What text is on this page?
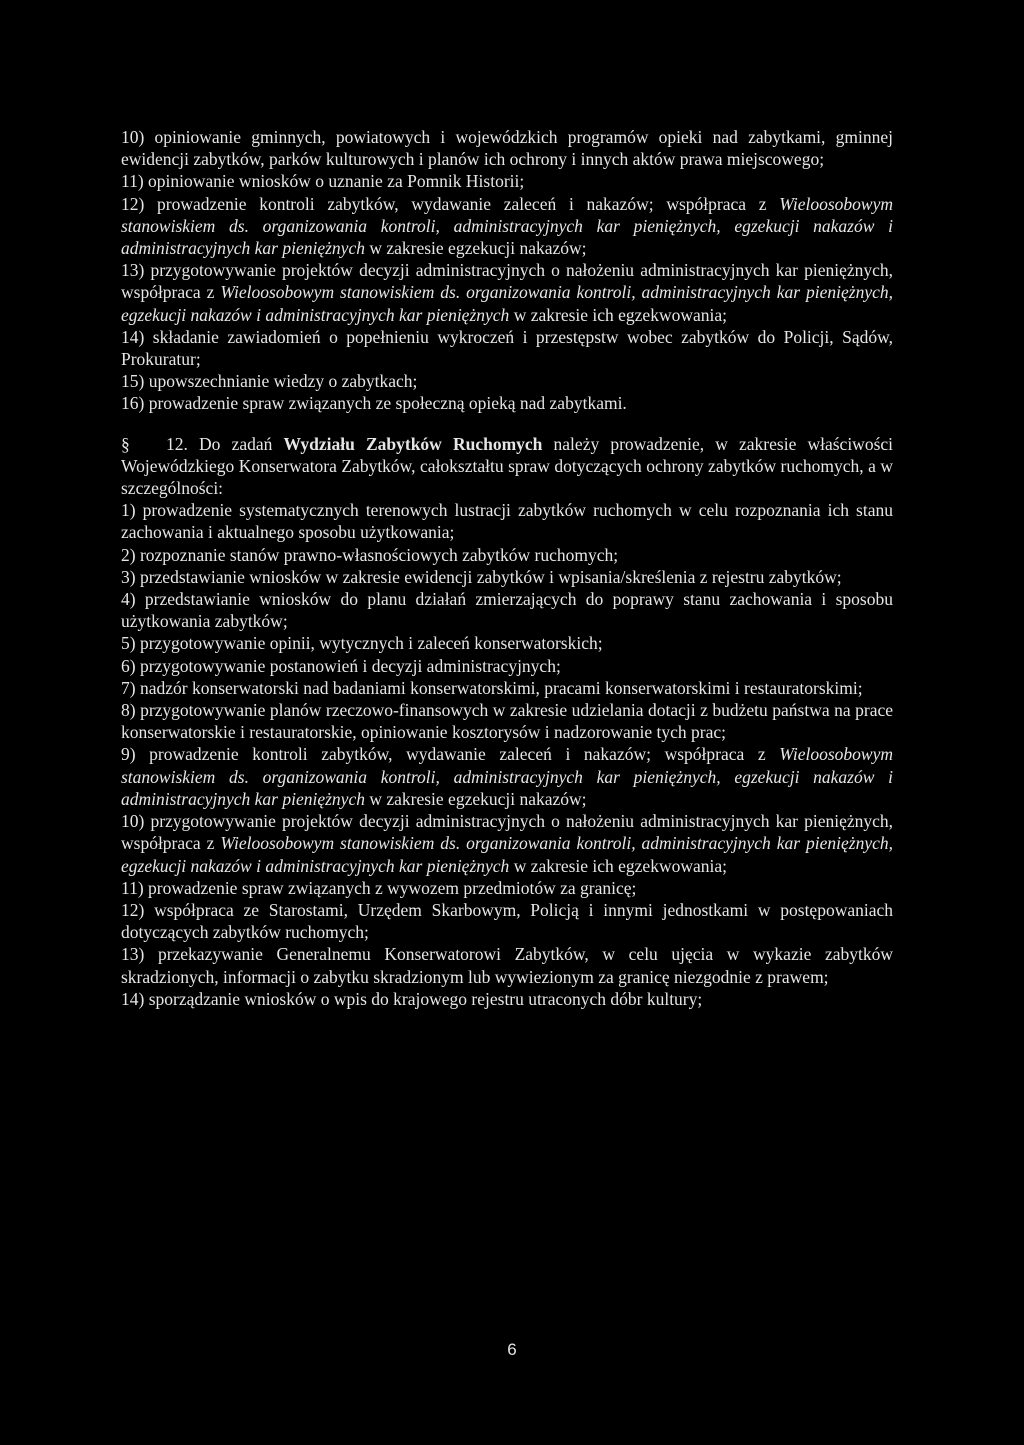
10) opiniowanie gminnych, powiatowych i wojewódzkich programów opieki nad zabytkami, gminnej ewidencji zabytków, parków kulturowych i planów ich ochrony i innych aktów prawa miejscowego;

11) opiniowanie wniosków o uznanie za Pomnik Historii;

12) prowadzenie kontroli zabytków, wydawanie zaleceń i nakazów; współpraca z Wieloosobowym stanowiskiem ds. organizowania kontroli, administracyjnych kar pieniężnych, egzekucji nakazów i administracyjnych kar pieniężnych w zakresie egzekucji nakazów;

13) przygotowywanie projektów decyzji administracyjnych o nałożeniu administracyjnych kar pieniężnych, współpraca z Wieloosobowym stanowiskiem ds. organizowania kontroli, administracyjnych kar pieniężnych, egzekucji nakazów i administracyjnych kar pieniężnych w zakresie ich egzekwowania;

14) składanie zawiadomień o popełnieniu wykroczeń i przestępstw wobec zabytków do Policji, Sądów, Prokuratur;

15) upowszechnianie wiedzy o zabytkach;

16) prowadzenie spraw związanych ze społeczną opieką nad zabytkami.

§ 12. Do zadań Wydziału Zabytków Ruchomych należy prowadzenie, w zakresie właściwości Wojewódzkiego Konserwatora Zabytków, całokształtu spraw dotyczących ochrony zabytków ruchomych, a w szczególności:

1) prowadzenie systematycznych terenowych lustracji zabytków ruchomych w celu rozpoznania ich stanu zachowania i aktualnego sposobu użytkowania;

2) rozpoznanie stanów prawno-własnościowych zabytków ruchomych;

3) przedstawianie wniosków w zakresie ewidencji zabytków i wpisania/skreślenia z rejestru zabytków;

4) przedstawianie wniosków do planu działań zmierzających do poprawy stanu zachowania i sposobu użytkowania zabytków;

5) przygotowywanie opinii, wytycznych i zaleceń konserwatorskich;

6) przygotowywanie postanowień i decyzji administracyjnych;

7) nadzór konserwatorski nad badaniami konserwatorskimi, pracami konserwatorskimi i restauratorskimi;

8) przygotowywanie planów rzeczowo-finansowych w zakresie udzielania dotacji z budżetu państwa na prace konserwatorskie i restauratorskie, opiniowanie kosztorysów i nadzorowanie tych prac;

9) prowadzenie kontroli zabytków, wydawanie zaleceń i nakazów; współpraca z Wieloosobowym stanowiskiem ds. organizowania kontroli, administracyjnych kar pieniężnych, egzekucji nakazów i administracyjnych kar pieniężnych w zakresie egzekucji nakazów;

10) przygotowywanie projektów decyzji administracyjnych o nałożeniu administracyjnych kar pieniężnych, współpraca z Wieloosobowym stanowiskiem ds. organizowania kontroli, administracyjnych kar pieniężnych, egzekucji nakazów i administracyjnych kar pieniężnych w zakresie ich egzekwowania;

11) prowadzenie spraw związanych z wywozem przedmiotów za granicę;

12) współpraca ze Starostami, Urzędem Skarbowym, Policją i innymi jednostkami w postępowaniach dotyczących zabytków ruchomych;

13) przekazywanie Generalnemu Konserwatorowi Zabytków, w celu ujęcia w wykazie zabytków skradzionych, informacji o zabytku skradzionym lub wywiezionym za granicę niezgodnie z prawem;

14) sporządzanie wniosków o wpis do krajowego rejestru utraconych dóbr kultury;

6
